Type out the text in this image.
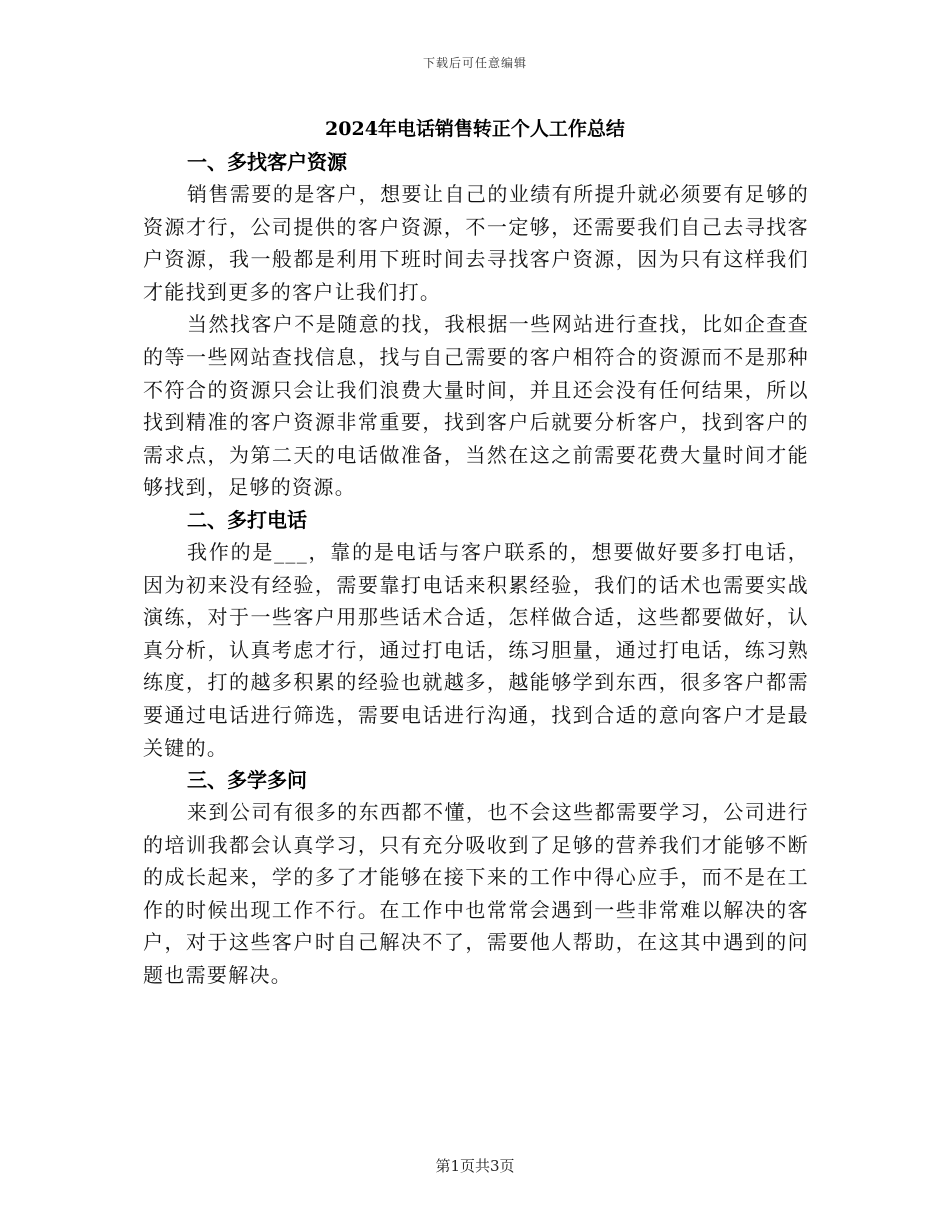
下载后可任意编辑
2024年电话销售转正个人工作总结

一、多找客户资源

销售需要的是客户，想要让自己的业绩有所提升就必须要有足够的资源才行，公司提供的客户资源，不一定够，还需要我们自己去寻找客户资源，我一般都是利用下班时间去寻找客户资源，因为只有这样我们才能找到更多的客户让我们打。

当然找客户不是随意的找，我根据一些网站进行查找，比如企查查的等一些网站查找信息，找与自己需要的客户相符合的资源而不是那种不符合的资源只会让我们浪费大量时间，并且还会没有任何结果，所以找到精准的客户资源非常重要，找到客户后就要分析客户，找到客户的需求点，为第二天的电话做准备，当然在这之前需要花费大量时间才能够找到，足够的资源。

二、多打电话

我作的是___，靠的是电话与客户联系的，想要做好要多打电话，因为初来没有经验，需要靠打电话来积累经验，我们的话术也需要实战演练，对于一些客户用那些话术合适，怎样做合适，这些都要做好，认真分析，认真考虑才行，通过打电话，练习胆量，通过打电话，练习熟练度，打的越多积累的经验也就越多，越能够学到东西，很多客户都需要通过电话进行筛选，需要电话进行沟通，找到合适的意向客户才是最关键的。

三、多学多问

来到公司有很多的东西都不懂，也不会这些都需要学习，公司进行的培训我都会认真学习，只有充分吸收到了足够的营养我们才能够不断的成长起来，学的多了才能够在接下来的工作中得心应手，而不是在工作的时候出现工作不行。在工作中也常常会遇到一些非常难以解决的客户，对于这些客户时自己解决不了，需要他人帮助，在这其中遇到的问题也需要解决。

第1页共3页
